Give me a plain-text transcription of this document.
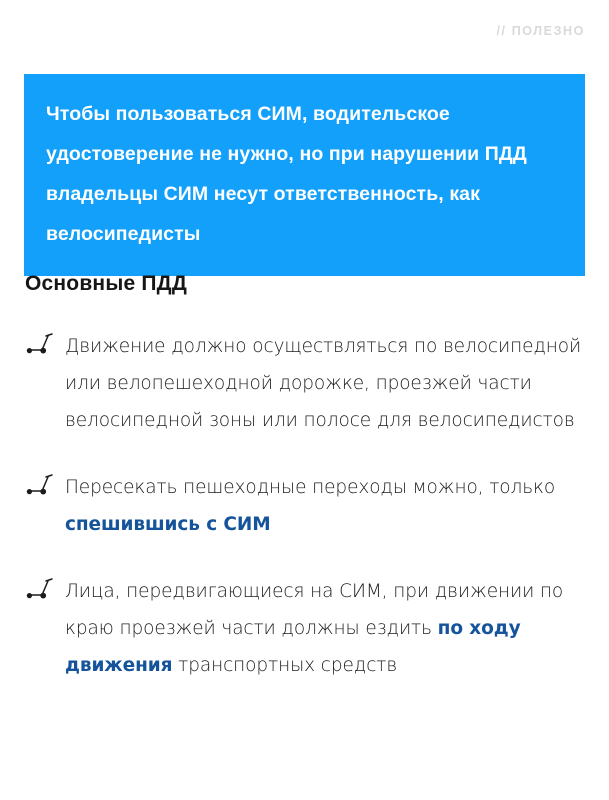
// ПОЛЕЗНО

Чтобы пользоваться СИМ, водительское удостоверение не нужно, но при нарушении ПДД владельцы СИМ несут ответственность, как велосипедисты

Основные ПДД

Движение должно осуществляться по велосипедной или велопешеходной дорожке, проезжей части велосипедной зоны или полосе для велосипедистов

Пересекать пешеходные переходы можно, только спешившись с СИМ

Лица, передвигающиеся на СИМ, при движении по краю проезжей части должны ездить по ходу движения транспортных средств
